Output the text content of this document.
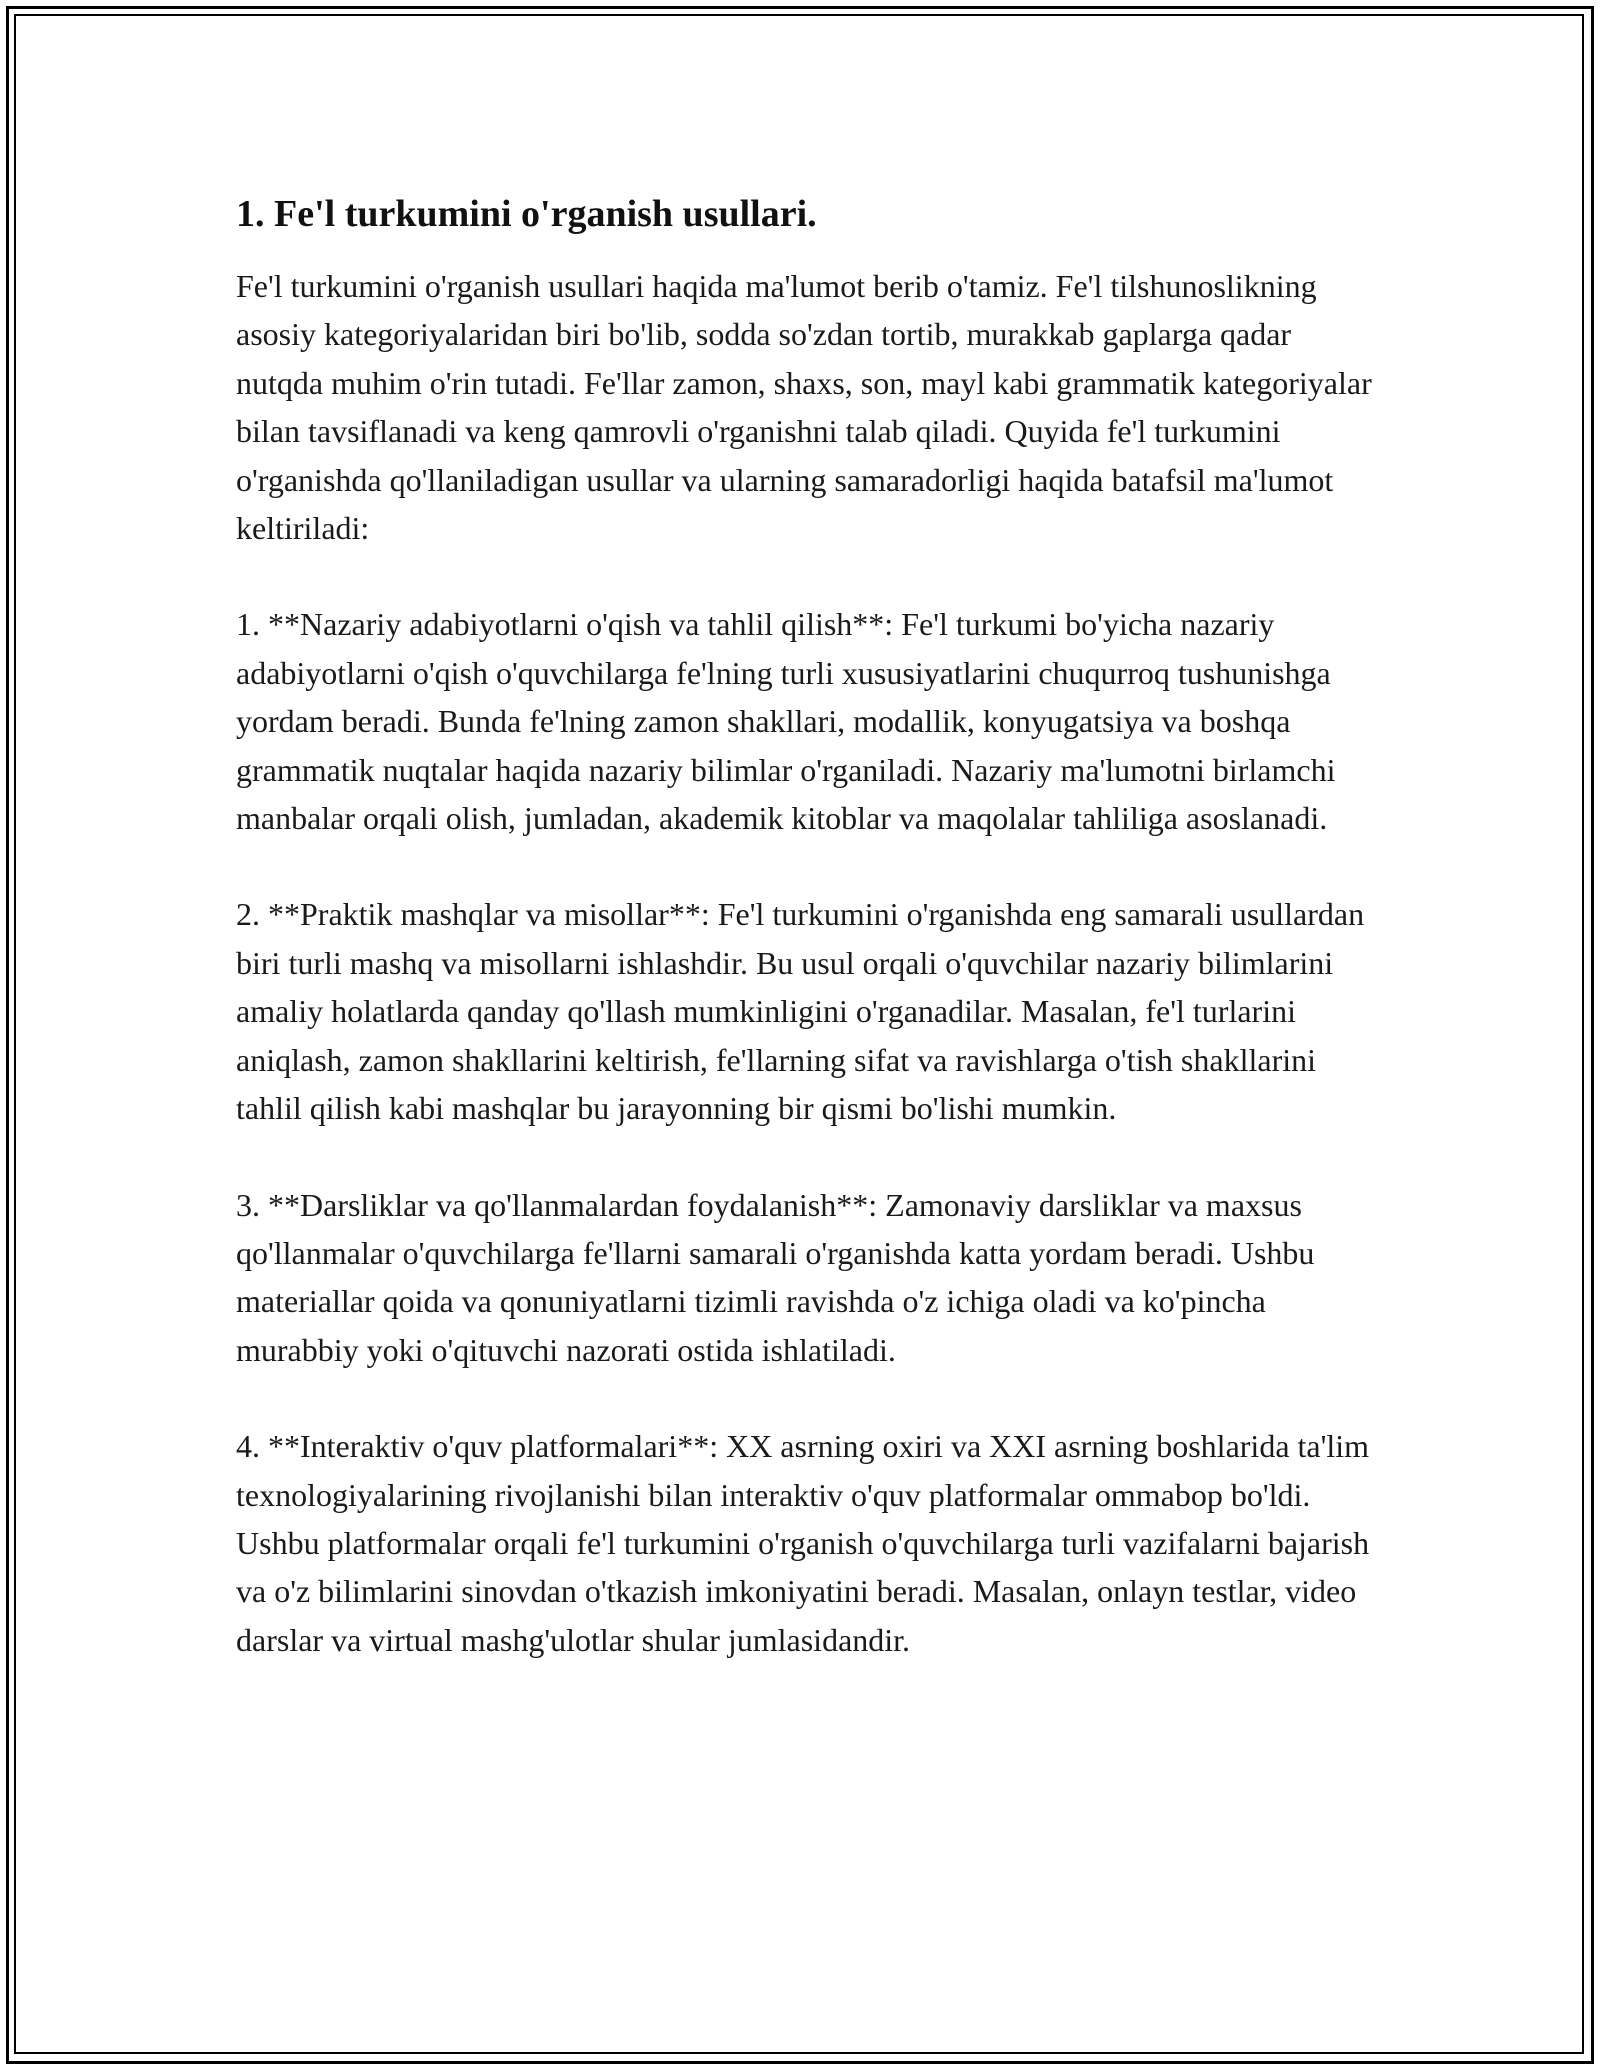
1. Fe'l turkumini o'rganish usullari.

Fe'l turkumini o'rganish usullari haqida ma'lumot berib o'tamiz. Fe'l tilshunoslikning asosiy kategoriyalaridan biri bo'lib, sodda so'zdan tortib, murakkab gaplarga qadar nutqda muhim o'rin tutadi. Fe'llar zamon, shaxs, son, mayl kabi grammatik kategoriyalar bilan tavsiflanadi va keng qamrovli o'rganishni talab qiladi. Quyida fe'l turkumini o'rganishda qo'llaniladigan usullar va ularning samaradorligi haqida batafsil ma'lumot keltiriladi:

1. **Nazariy adabiyotlarni o'qish va tahlil qilish**: Fe'l turkumi bo'yicha nazariy adabiyotlarni o'qish o'quvchilarga fe'lning turli xususiyatlarini chuqurroq tushunishga yordam beradi. Bunda fe'lning zamon shakllari, modallik, konyugatsiya va boshqa grammatik nuqtalar haqida nazariy bilimlar o'rganiladi. Nazariy ma'lumotni birlamchi manbalar orqali olish, jumladan, akademik kitoblar va maqolalar tahliliga asoslanadi.

2. **Praktik mashqlar va misollar**: Fe'l turkumini o'rganishda eng samarali usullardan biri turli mashq va misollarni ishlashdir. Bu usul orqali o'quvchilar nazariy bilimlarini amaliy holatlarda qanday qo'llash mumkinligini o'rganadilar. Masalan, fe'l turlarini aniqlash, zamon shakllarini keltirish, fe'llarning sifat va ravishlarga o'tish shakllarini tahlil qilish kabi mashqlar bu jarayonning bir qismi bo'lishi mumkin.

3. **Darsliklar va qo'llanmalardan foydalanish**: Zamonaviy darsliklar va maxsus qo'llanmalar o'quvchilarga fe'llarni samarali o'rganishda katta yordam beradi. Ushbu materiallar qoida va qonuniyatlarni tizimli ravishda o'z ichiga oladi va ko'pincha murabbiy yoki o'qituvchi nazorati ostida ishlatiladi.

4. **Interaktiv o'quv platformalari**: XX asrning oxiri va XXI asrning boshlarida ta'lim texnologiyalarining rivojlanishi bilan interaktiv o'quv platformalar ommabop bo'ldi. Ushbu platformalar orqali fe'l turkumini o'rganish o'quvchilarga turli vazifalarni bajarish va o'z bilimlarini sinovdan o'tkazish imkoniyatini beradi. Masalan, onlayn testlar, video darslar va virtual mashg'ulotlar shular jumlasidandir.
